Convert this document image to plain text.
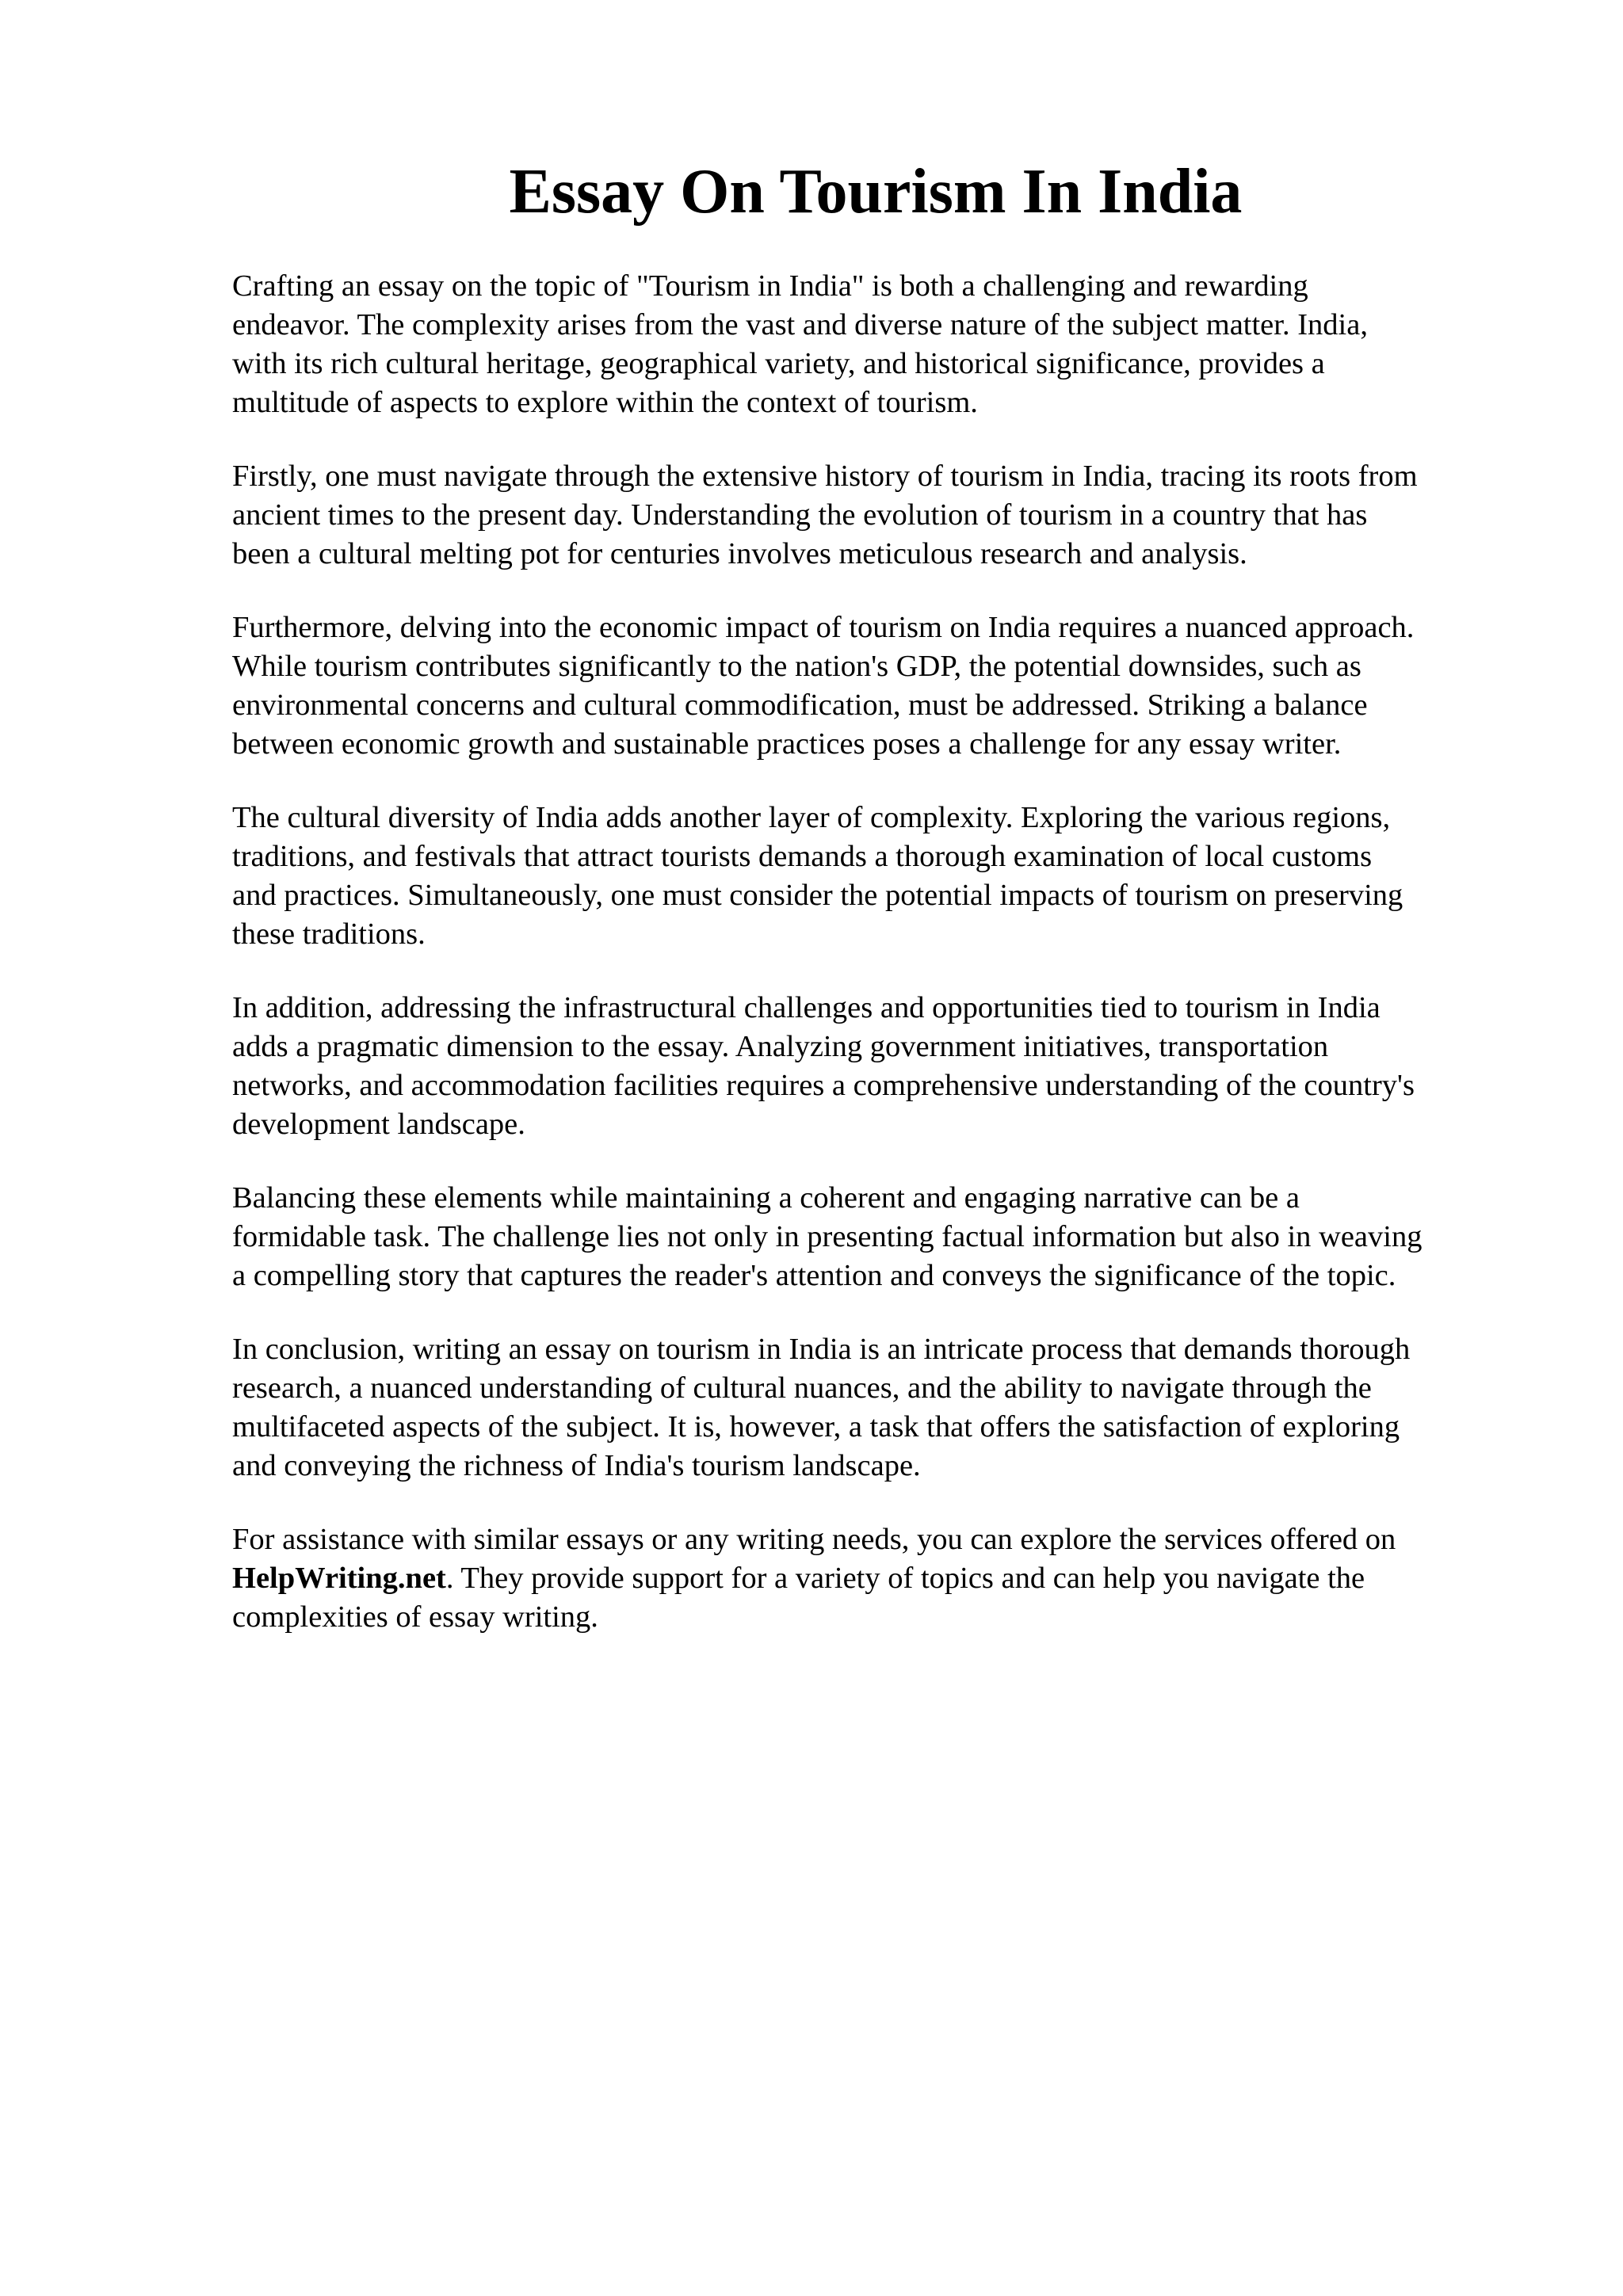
Essay On Tourism In India

Crafting an essay on the topic of "Tourism in India" is both a challenging and rewarding
endeavor. The complexity arises from the vast and diverse nature of the subject matter. India,
with its rich cultural heritage, geographical variety, and historical significance, provides a
multitude of aspects to explore within the context of tourism.

Firstly, one must navigate through the extensive history of tourism in India, tracing its roots from
ancient times to the present day. Understanding the evolution of tourism in a country that has
been a cultural melting pot for centuries involves meticulous research and analysis.

Furthermore, delving into the economic impact of tourism on India requires a nuanced approach.
While tourism contributes significantly to the nation's GDP, the potential downsides, such as
environmental concerns and cultural commodification, must be addressed. Striking a balance
between economic growth and sustainable practices poses a challenge for any essay writer.

The cultural diversity of India adds another layer of complexity. Exploring the various regions,
traditions, and festivals that attract tourists demands a thorough examination of local customs
and practices. Simultaneously, one must consider the potential impacts of tourism on preserving
these traditions.

In addition, addressing the infrastructural challenges and opportunities tied to tourism in India
adds a pragmatic dimension to the essay. Analyzing government initiatives, transportation
networks, and accommodation facilities requires a comprehensive understanding of the country's
development landscape.

Balancing these elements while maintaining a coherent and engaging narrative can be a
formidable task. The challenge lies not only in presenting factual information but also in weaving
a compelling story that captures the reader's attention and conveys the significance of the topic.

In conclusion, writing an essay on tourism in India is an intricate process that demands thorough
research, a nuanced understanding of cultural nuances, and the ability to navigate through the
multifaceted aspects of the subject. It is, however, a task that offers the satisfaction of exploring
and conveying the richness of India's tourism landscape.

For assistance with similar essays or any writing needs, you can explore the services offered on
HelpWriting.net. They provide support for a variety of topics and can help you navigate the
complexities of essay writing.
